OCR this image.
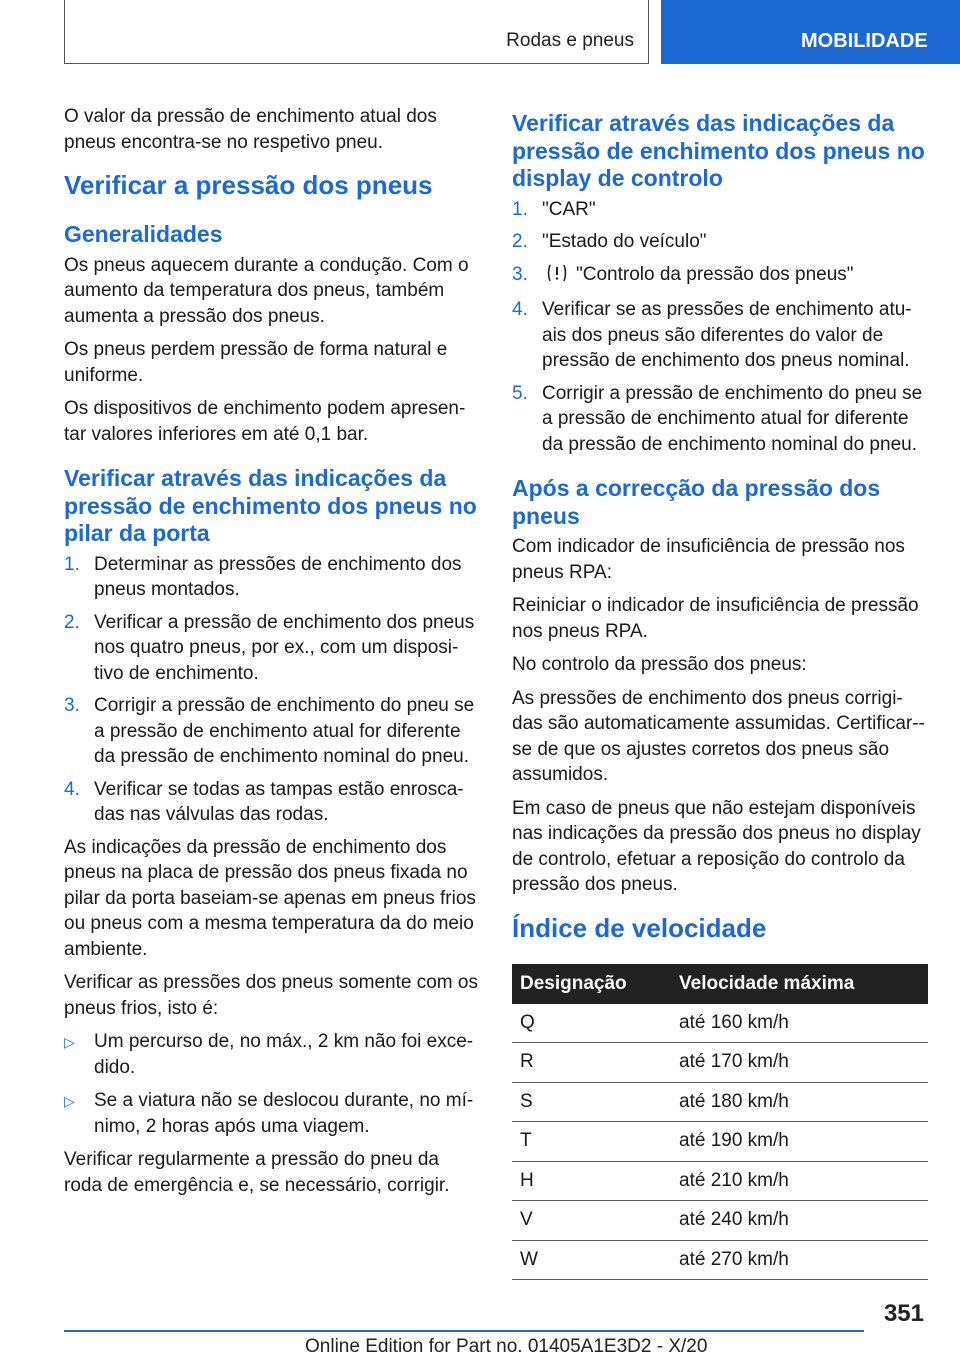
Rodas e pneus	MOBILIDADE

O valor da pressão de enchimento atual dos pneus encontra-se no respetivo pneu.

Verificar a pressão dos pneus
Generalidades

Os pneus aquecem durante a condução. Com o aumento da temperatura dos pneus, também aumenta a pressão dos pneus.

Os pneus perdem pressão de forma natural e uniforme.

Os dispositivos de enchimento podem apresen‐tar valores inferiores em até 0,1 bar.

Verificar através das indicações da pressão de enchimento dos pneus no pilar da porta
1. Determinar as pressões de enchimento dos pneus montados.
2. Verificar a pressão de enchimento dos pneus nos quatro pneus, por ex., com um disposi‐tivo de enchimento.
3. Corrigir a pressão de enchimento do pneu se a pressão de enchimento atual for diferente da pressão de enchimento nominal do pneu.
4. Verificar se todas as tampas estão enrosca‐das nas válvulas das rodas.

As indicações da pressão de enchimento dos pneus na placa de pressão dos pneus fixada no pilar da porta baseiam-se apenas em pneus frios ou pneus com a mesma temperatura da do meio ambiente.

Verificar as pressões dos pneus somente com os pneus frios, isto é:

▷ Um percurso de, no máx., 2 km não foi exce‐dido.
▷ Se a viatura não se deslocou durante, no mí‐nimo, 2 horas após uma viagem.

Verificar regularmente a pressão do pneu da roda de emergência e, se necessário, corrigir.

Verificar através das indicações da pressão de enchimento dos pneus no display de controlo
1. "CAR"
2. "Estado do veículo"
3.	"Controlo da pressão dos pneus"
4. Verificar se as pressões de enchimento atu‐ais dos pneus são diferentes do valor de pressão de enchimento dos pneus nominal.
5. Corrigir a pressão de enchimento do pneu se a pressão de enchimento atual for diferente da pressão de enchimento nominal do pneu.
Após a correcção da pressão dos pneus

Com indicador de insuficiência de pressão nos pneus RPA:

Reiniciar o indicador de insuficiência de pressão nos pneus RPA.

No controlo da pressão dos pneus:

As pressões de enchimento dos pneus corrigi‐das são automaticamente assumidas. Certificar-‐se de que os ajustes corretos dos pneus são assumidos.

Em caso de pneus que não estejam disponíveis nas indicações da pressão dos pneus no display de controlo, efetuar a reposição do controlo da pressão dos pneus.

Índice de velocidade
Designação	Velocidade máxima
Q	até 160 km/h
R	até 170 km/h
S	até 180 km/h
T	até 190 km/h
H	até 210 km/h
V	até 240 km/h
W	até 270 km/h
351
Online Edition for Part no. 01405A1E3D2 - X/20
